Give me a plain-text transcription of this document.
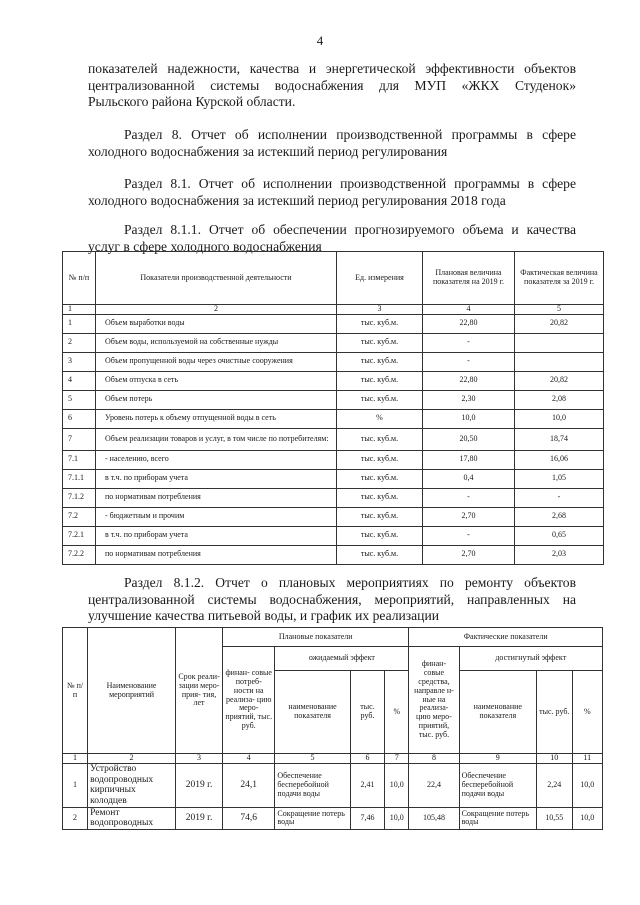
4
показателей надежности, качества и энергетической эффективности объектов
централизованной системы водоснабжения для МУП «ЖКХ Студенок»
Рыльского района Курской области.
Раздел 8. Отчет об исполнении производственной программы в сфере
холодного водоснабжения за истекший период регулирования
Раздел 8.1. Отчет об исполнении производственной программы в сфере
холодного водоснабжения за истекший период регулирования 2018 года
Раздел 8.1.1. Отчет об обеспечении прогнозируемого объема и качества
услуг в сфере холодного водоснабжения
№ п/п	Показатели производственной деятельности	Ед. измерения	Плановая величина показателя на 2019 г.	Фактическая величина показателя за 2019 г.
1	2	3	4	5
1	Объем выработки воды	тыс. куб.м.	22,80	20,82
2	Объем воды, используемой на собственные нужды	тыс. куб.м.	-	
3	Объем пропущенной воды через очистные сооружения	тыс. куб.м.	-	
4	Объем отпуска в сеть	тыс. куб.м.	22,80	20,82
5	Объем потерь	тыс. куб.м.	2,30	2,08
6	Уровень потерь к объему отпущенной воды в сеть	%	10,0	10,0
7	Объем реализации товаров и услуг, в том числе по потребителям:	тыс. куб.м.	20,50	18,74
7.1	- населению, всего	тыс. куб.м.	17,80	16,06
7.1.1	в т.ч. по приборам учета	тыс. куб.м.	0,4	1,05
7.1.2	по нормативам потребления	тыс. куб.м.	-	-
7.2	- бюджетным и прочим	тыс. куб.м.	2,70	2,68
7.2.1	в т.ч. по приборам учета	тыс. куб.м.	-	0,65
7.2.2	по нормативам потребления	тыс. куб.м.	2,70	2,03
Раздел 8.1.2. Отчет о плановых мероприятиях по ремонту объектов
централизованной системы водоснабжения, мероприятий, направленных на
улучшение качества питьевой воды, и график их реализации
№ п/п	Наименование мероприятий	Срок реали- зации меро- прия- тия, лет	Плановые показатели				Фактические показатели			
			финан- совые потреб- ности на реализа- цию меро- приятий, тыс. руб.	ожидаемый эффект			финан- совые средства, направле н-ные на реализа- цию меро- приятий, тыс. руб.	достигнутый эффект		
				наименование показателя	тыс. руб.	%		наименование показателя	тыс. руб.	%
1	2	3	4	5	6	7	8	9	10	11
1	Устройство водопроводных кирпичных колодцев	2019 г.	24,1	Обеспечение бесперебойной подачи воды	2,41	10,0	22,4	Обеспечение бесперебойной подачи воды	2,24	10,0
2	Ремонт водопроводных	2019 г.	74,6	Сокращение потерь воды	7,46	10,0	105,48	Сокращение потерь воды	10,55	10,0
